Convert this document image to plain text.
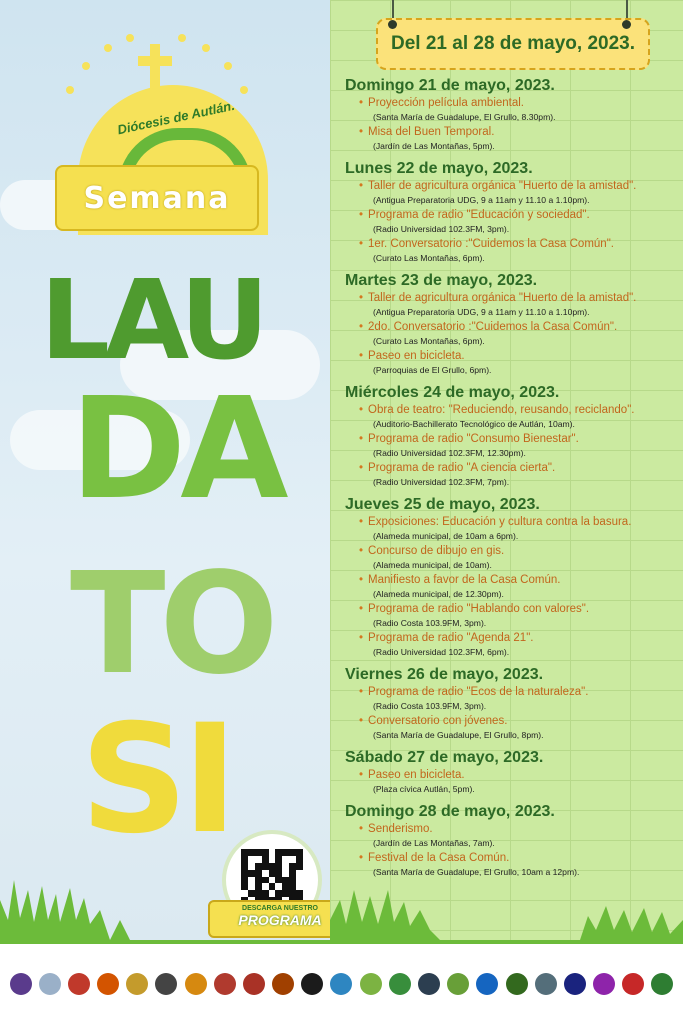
Diócesis de Autlán.
Semana
LAU
DA
TO
SI
DESCARGA NUESTRO
PROGRAMA
Del 21 al 28 de mayo, 2023.
Domingo 21 de mayo, 2023.
• Proyección película ambiental.
(Santa María de Guadalupe, El Grullo, 8.30pm).
• Misa del Buen Temporal.
(Jardín de Las Montañas, 5pm).
Lunes 22 de mayo, 2023.
• Taller de agricultura orgánica "Huerto de la amistad".
(Antigua Preparatoria UDG, 9 a 11am y 11.10 a 1.10pm).
• Programa de radio "Educación y sociedad".
(Radio Universidad 102.3FM, 3pm).
• 1er. Conversatorio :"Cuidemos la Casa Común".
(Curato Las Montañas, 6pm).
Martes 23 de mayo, 2023.
• Taller de agricultura orgánica "Huerto de la amistad".
(Antigua Preparatoria UDG, 9 a 11am y 11.10 a 1.10pm).
• 2do. Conversatorio :"Cuidemos la Casa Común".
(Curato Las Montañas, 6pm).
• Paseo en bicicleta.
(Parroquias de El Grullo, 6pm).
Miércoles 24 de mayo, 2023.
• Obra de teatro: "Reduciendo, reusando, reciclando".
(Auditorio-Bachillerato Tecnológico de Autlán, 10am).
• Programa de radio "Consumo Bienestar".
(Radio Universidad 102.3FM, 12.30pm).
• Programa de radio "A ciencia cierta".
(Radio Universidad 102.3FM, 7pm).
Jueves 25 de mayo, 2023.
• Exposiciones: Educación y cultura contra la basura.
(Alameda municipal, de 10am a 6pm).
• Concurso de dibujo en gis.
(Alameda municipal, de 10am).
• Manifiesto a favor de la Casa Común.
(Alameda municipal, de 12.30pm).
• Programa de radio "Hablando con valores".
(Radio Costa 103.9FM, 3pm).
• Programa de radio "Agenda 21".
(Radio Universidad 102.3FM, 6pm).
Viernes 26 de mayo, 2023.
• Programa de radio "Ecos de la naturaleza".
(Radio Costa 103.9FM, 3pm).
• Conversatorio con jóvenes.
(Santa María de Guadalupe, El Grullo, 8pm).
Sábado 27 de mayo, 2023.
• Paseo en bicicleta.
(Plaza cívica Autlán, 5pm).
Domingo 28 de mayo, 2023.
• Senderismo.
(Jardín de Las Montañas, 7am).
• Festival de la Casa Común.
(Santa María de Guadalupe, El Grullo, 10am a 12pm).
